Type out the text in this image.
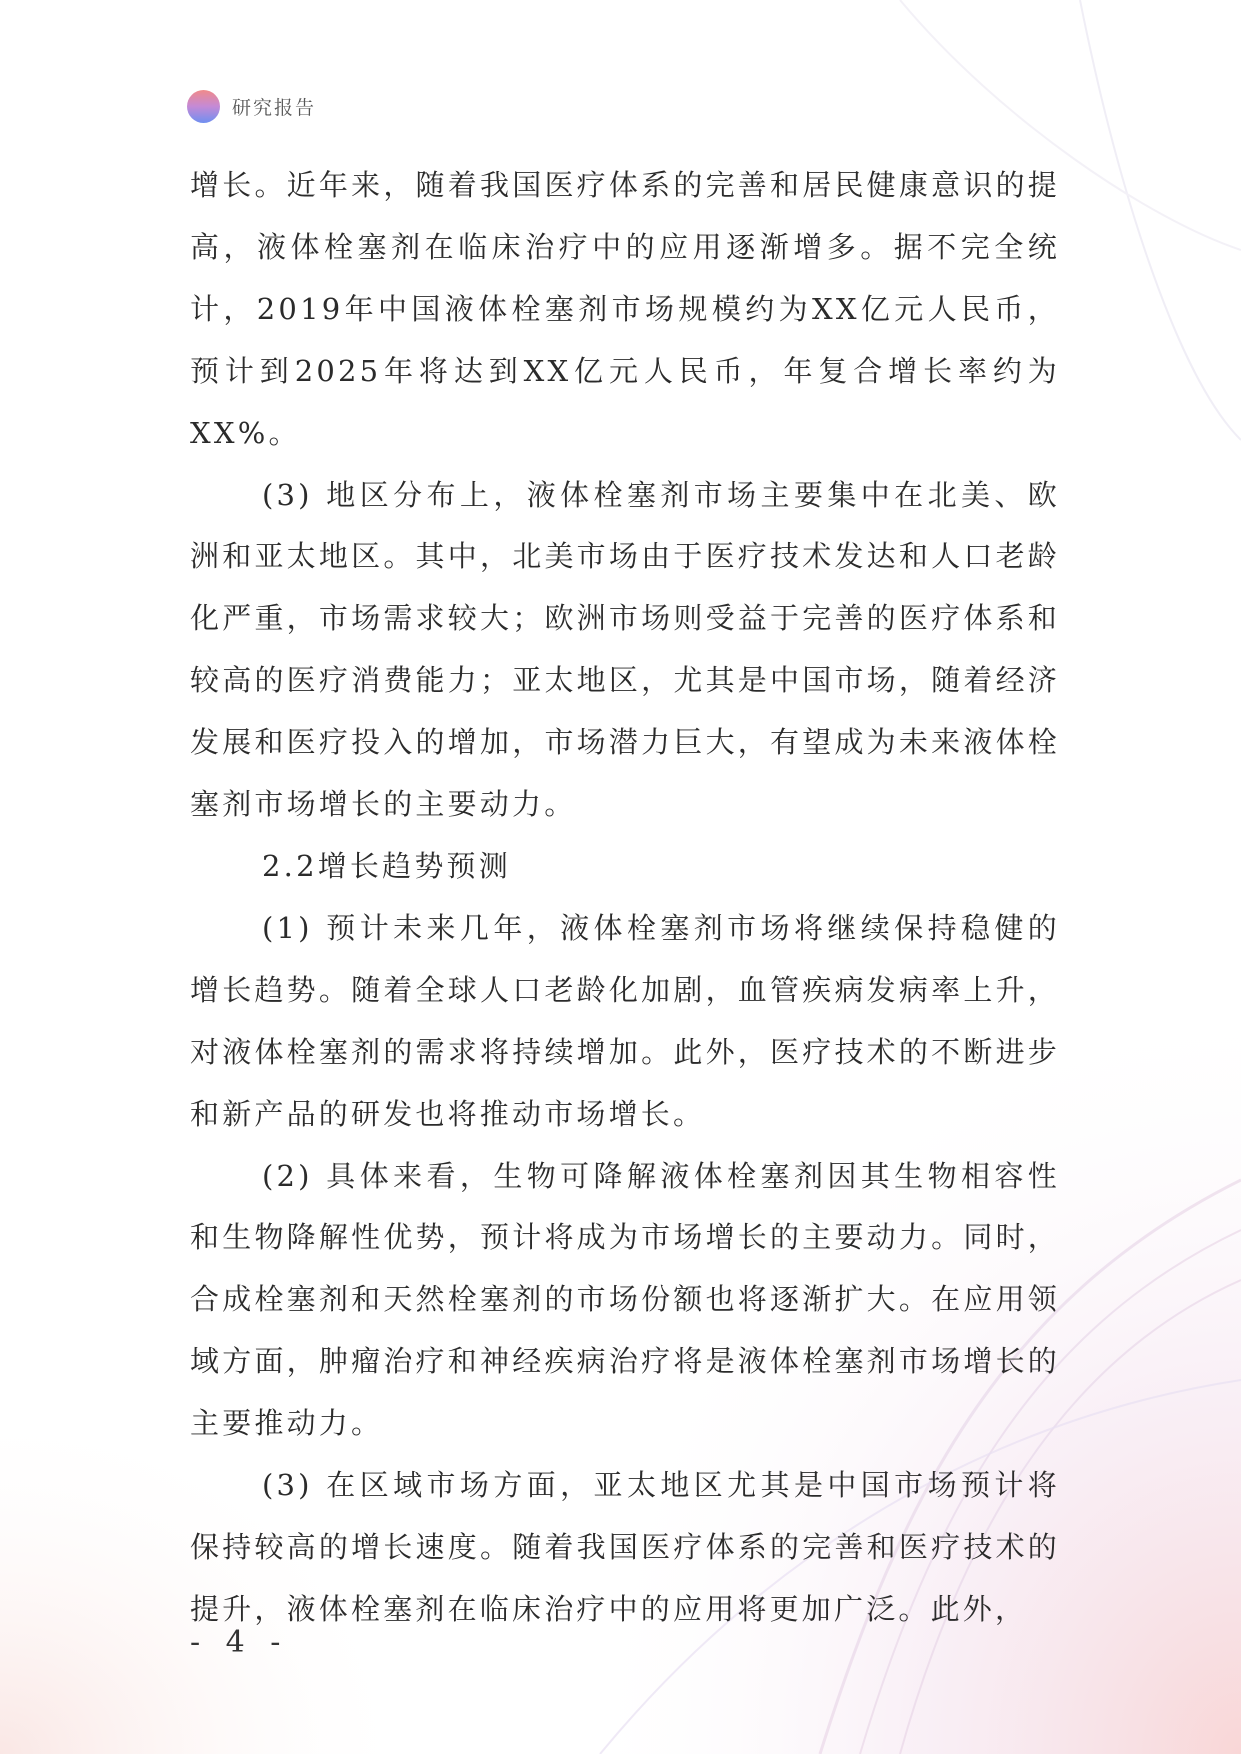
研究报告

增长。近年来，随着我国医疗体系的完善和居民健康意识的提高，液体栓塞剂在临床治疗中的应用逐渐增多。据不完全统计，2019年中国液体栓塞剂市场规模约为XX亿元人民币，预计到2025年将达到XX亿元人民币，年复合增长率约为XX%。

(3) 地区分布上，液体栓塞剂市场主要集中在北美、欧洲和亚太地区。其中，北美市场由于医疗技术发达和人口老龄化严重，市场需求较大；欧洲市场则受益于完善的医疗体系和较高的医疗消费能力；亚太地区，尤其是中国市场，随着经济发展和医疗投入的增加，市场潜力巨大，有望成为未来液体栓塞剂市场增长的主要动力。

2.2增长趋势预测

(1) 预计未来几年，液体栓塞剂市场将继续保持稳健的增长趋势。随着全球人口老龄化加剧，血管疾病发病率上升，对液体栓塞剂的需求将持续增加。此外，医疗技术的不断进步和新产品的研发也将推动市场增长。

(2) 具体来看，生物可降解液体栓塞剂因其生物相容性和生物降解性优势，预计将成为市场增长的主要动力。同时，合成栓塞剂和天然栓塞剂的市场份额也将逐渐扩大。在应用领域方面，肿瘤治疗和神经疾病治疗将是液体栓塞剂市场增长的主要推动力。

(3) 在区域市场方面，亚太地区尤其是中国市场预计将保持较高的增长速度。随着我国医疗体系的完善和医疗技术的提升，液体栓塞剂在临床治疗中的应用将更加广泛。此外，

- 4 -
